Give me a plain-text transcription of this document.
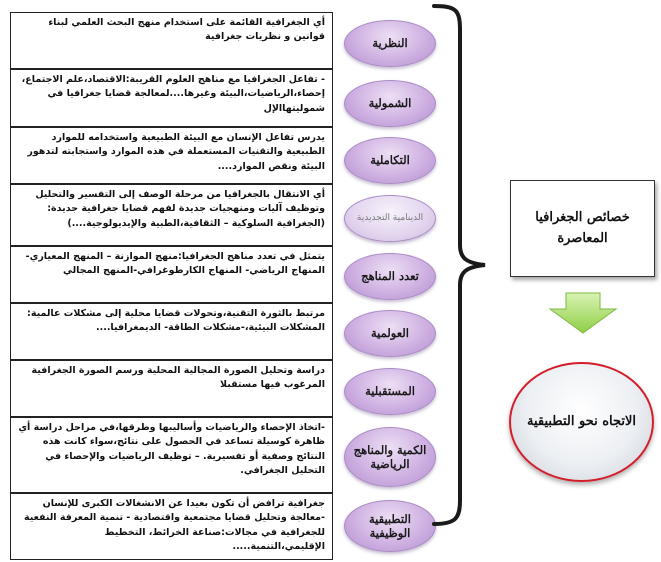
أي الجغرافية القائمة على استخدام منهج البحث العلمي لبناء قوانين و نظريات جغرافية
- تفاعل الجغرافيا مع مناهج العلوم القريبة:الاقتصاد،علم الاجتماع، إحصاء،الرياضيات،البيئة وغيرها....لمعالجة قضايا جغرافيا في شموليتهاالإل
يدرس تفاعل الإنسان مع البيئة الطبيعية واستخدامه للموارد الطبيعية والتقنيات المستعملة في هذه الموارد واستجابته لتدهور البيئة ونقص الموارد....
أي الانتقال بالجغرافيا من مرحلة الوصف إلى التفسير والتحليل وتوظيف آليات ومنهجيات جديدة لفهم قضايا جغرافية جديدة:(الجغرافية السلوكية – الثقافية،الطبية والإيديولوجية....)
يتمثل في تعدد مناهج الجغرافيا:منهج الموازنة – المنهج المعياري-المنهاج الرياضي- المنهاج الكارطوغرافي-المنهج المجالي
مرتبط بالثورة التقنية،وتحولات قضايا محلية إلى مشكلات عالمية: المشكلات البيئية،-مشكلات الطاقة- الديمغرافيا....
دراسة وتحليل الصورة المجالية المحلية ورسم الصورة الجغرافية المرغوب فيها مستقبلا
-اتخاذ الإحصاء والرياضيات وأساليبها وطرقها،في مراحل دراسة أي ظاهرة كوسيلة تساعد في الحصول على نتائج،سواء كانت هذه النتائج وصفية أو تفسيرية. – توظيف الرياضيات والإحصاء في التحليل الجغرافي.
جغرافية ترافض أن تكون بعيدا عن الانشغالات الكبرى للإنسان -معالجة وتحليل قضايا مجتمعية واقتصادية - تنمية المعرفة النفعية للجغرافية في مجالات:صناعة الخرائط، التخطيط الإقليمي،التنمية.....
النظرية
الشمولية
التكاملية
الدينامية التجديدية
تعدد المناهج
العولمية
المستقبلية
الكمية والمناهج الرياضية
التطبيقية الوظيفية
خصائص الجغرافيا المعاصرة
الاتجاه نحو التطبيقية
